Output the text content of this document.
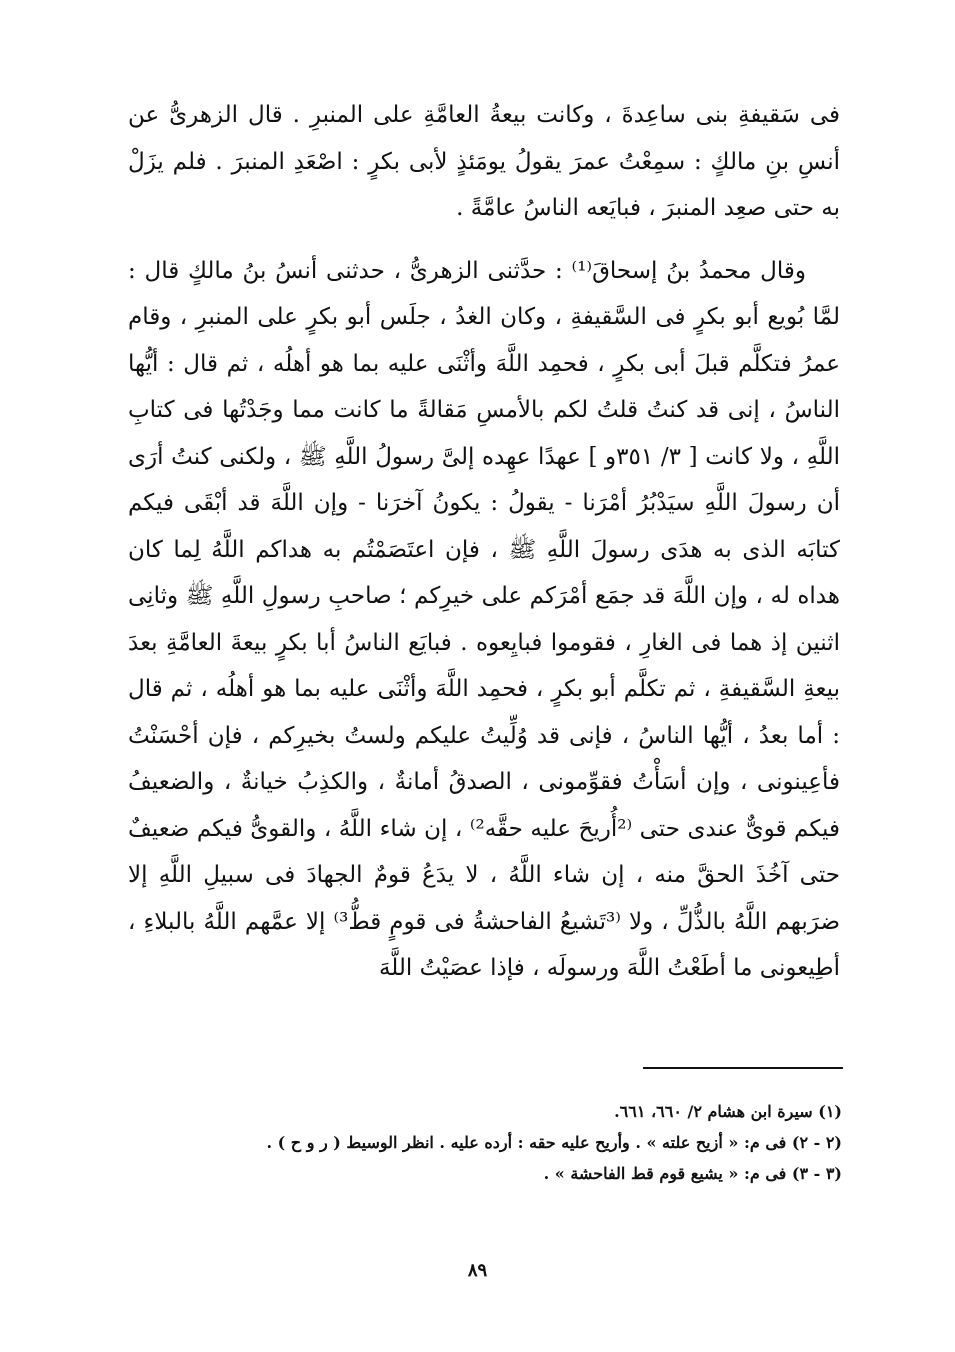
فى سَقيفةِ بنى ساعِدةَ ، وكانت بيعةُ العامَّةِ على المنبرِ . قال الزهرىُّ عن أنسِ بنِ مالكٍ : سمِعْتُ عمرَ يقولُ يومَئذٍ لأبى بكرٍ : اصْعَدِ المنبرَ . فلم يزَلْ به حتى صعِد المنبرَ ، فبايَعه الناسُ عامَّةً .

وقال محمدُ بنُ إسحاقَ⁽¹⁾ : حدَّثنى الزهرىُّ ، حدثنى أنسُ بنُ مالكٍ قال : لمَّا بُويع أبو بكرٍ فى السَّقيفةِ ، وكان الغدُ ، جلَس أبو بكرٍ على المنبرِ ، وقام عمرُ فتكلَّم قبلَ أبى بكرٍ ، فحمِد اللَّهَ وأثْنَى عليه بما هو أهلُه ، ثم قال : أيُّها الناسُ ، إنى قد كنتُ قلتُ لكم بالأمسِ مَقالةً ما كانت مما وجَدْتُها فى كتابِ اللَّهِ ، ولا كانت [ ٣/ ٣٥١و ] عهدًا عهِده إلىَّ رسولُ اللَّهِ ﷺ ، ولكنى كنتُ أرَى أن رسولَ اللَّهِ سيَدْبُرُ أمْرَنا - يقولُ : يكونُ آخرَنا - وإن اللَّهَ قد أبْقَى فيكم كتابَه الذى به هدَى رسولَ اللَّهِ ﷺ ، فإن اعتَصَمْتُم به هداكم اللَّهُ لِما كان هداه له ، وإن اللَّهَ قد جمَع أمْرَكم على خيرِكم ؛ صاحبِ رسولِ اللَّهِ ﷺ وثانِى اثنين إذ هما فى الغارِ ، فقوموا فبايِعوه . فبايَع الناسُ أبا بكرٍ بيعةَ العامَّةِ بعدَ بيعةِ السَّقيفةِ ، ثم تكلَّم أبو بكرٍ ، فحمِد اللَّهَ وأثْنَى عليه بما هو أهلُه ، ثم قال : أما بعدُ ، أيُّها الناسُ ، فإنى قد وُلِّيتُ عليكم ولستُ بخيرِكم ، فإن أحْسَنْتُ فأعِينونى ، وإن أسَأْتُ فقوِّمونى ، الصدقُ أمانةٌ ، والكذِبُ خيانةٌ ، والضعيفُ فيكم قوىٌّ عندى حتى ⁽²أُريحَ عليه حقَّه²⁾ ، إن شاء اللَّهُ ، والقوىُّ فيكم ضعيفٌ حتى آخُذَ الحقَّ منه ، إن شاء اللَّهُ ، لا يدَعُ قومٌ الجهادَ فى سبيلِ اللَّهِ إلا ضرَبهم اللَّهُ بالذُّلِّ ، ولا ⁽³تَشيعُ الفاحشةُ فى قومٍ قطُّ³⁾ إلا عمَّهم اللَّهُ بالبلاءِ ، أطِيعونى ما أطَعْتُ اللَّهَ ورسولَه ، فإذا عصَيْتُ اللَّهَ

(١) سيرة ابن هشام ٢/ ٦٦٠، ٦٦١.

(٢ - ٢) فى م: « أزيح علته » . وأريح عليه حقه : أرده عليه . انظر الوسيط ( ر و ح ) .

(٣ - ٣) فى م: « يشيع قوم قط الفاحشة » .

٨٩
